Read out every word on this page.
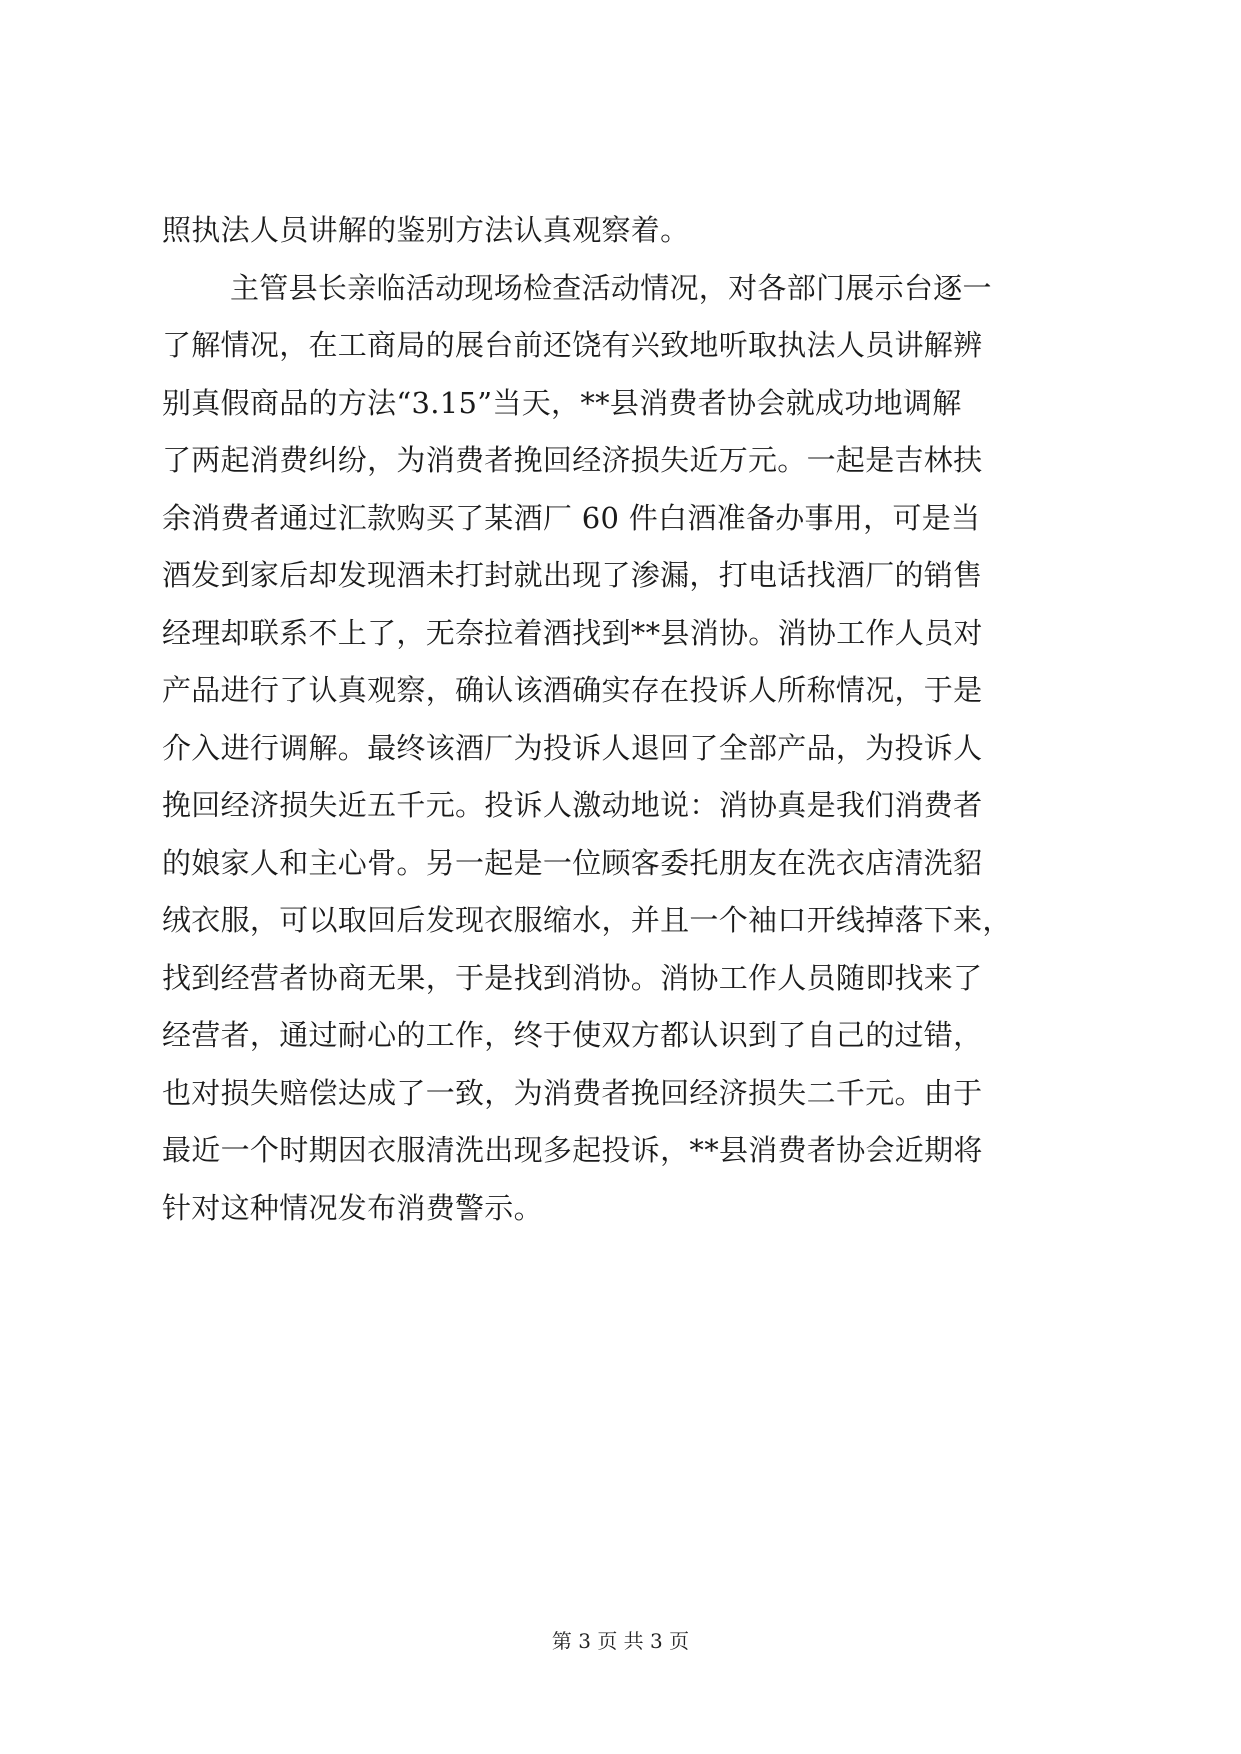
照执法人员讲解的鉴别方法认真观察着。
主管县长亲临活动现场检查活动情况，对各部门展示台逐一
了解情况，在工商局的展台前还饶有兴致地听取执法人员讲解辨
别真假商品的方法“3.15”当天，**县消费者协会就成功地调解
了两起消费纠纷，为消费者挽回经济损失近万元。一起是吉林扶
余消费者通过汇款购买了某酒厂 60 件白酒准备办事用，可是当
酒发到家后却发现酒未打封就出现了渗漏，打电话找酒厂的销售
经理却联系不上了，无奈拉着酒找到**县消协。消协工作人员对
产品进行了认真观察，确认该酒确实存在投诉人所称情况，于是
介入进行调解。最终该酒厂为投诉人退回了全部产品，为投诉人
挽回经济损失近五千元。投诉人激动地说：消协真是我们消费者
的娘家人和主心骨。另一起是一位顾客委托朋友在洗衣店清洗貂
绒衣服，可以取回后发现衣服缩水，并且一个袖口开线掉落下来，
找到经营者协商无果，于是找到消协。消协工作人员随即找来了
经营者，通过耐心的工作，终于使双方都认识到了自己的过错，
也对损失赔偿达成了一致，为消费者挽回经济损失二千元。由于
最近一个时期因衣服清洗出现多起投诉，**县消费者协会近期将
针对这种情况发布消费警示。
第 3 页 共 3 页
